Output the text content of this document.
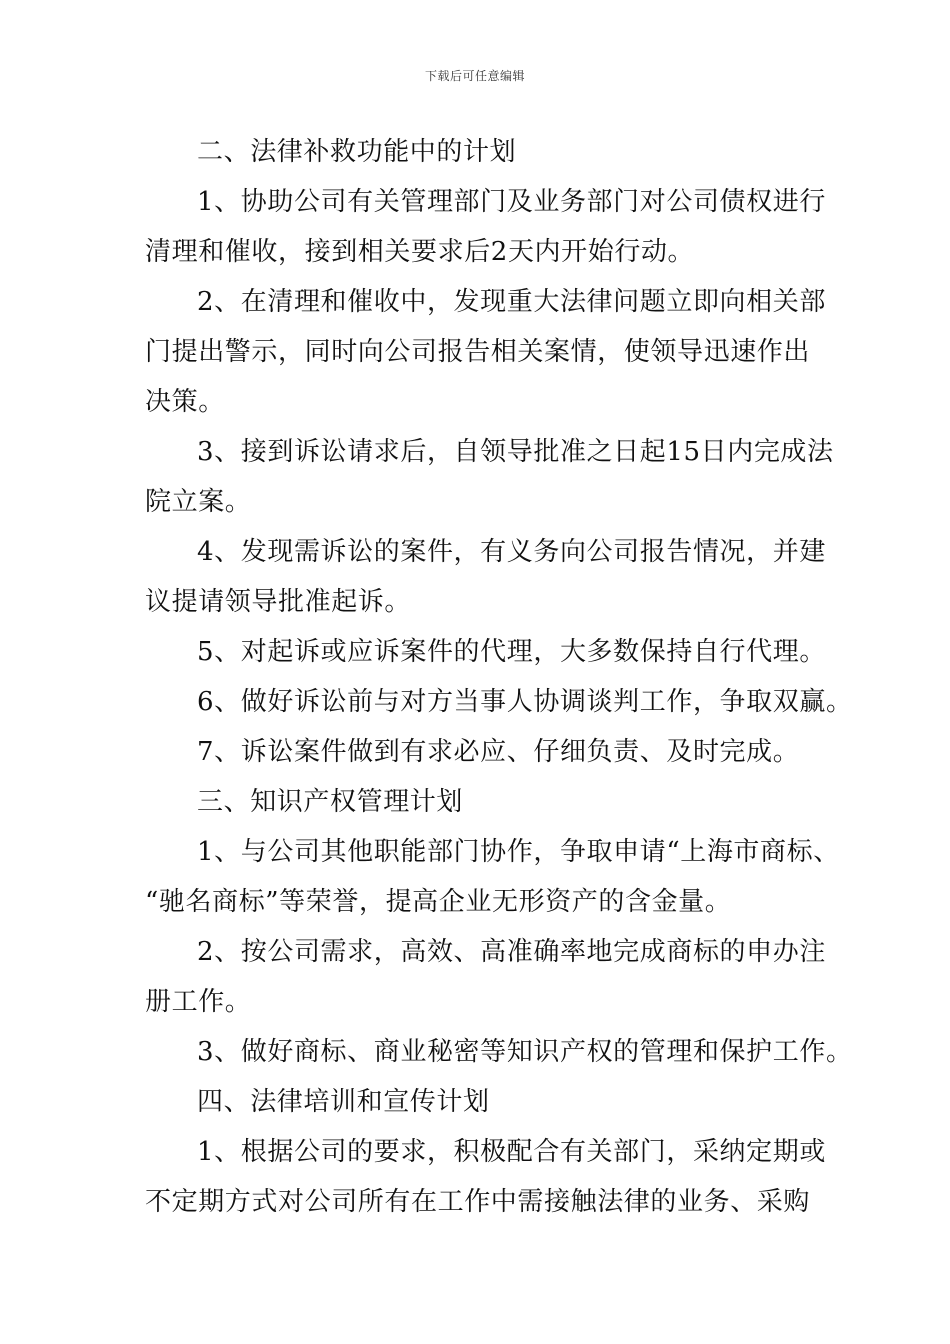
下载后可任意编辑
二、法律补救功能中的计划
1、协助公司有关管理部门及业务部门对公司债权进行
清理和催收，接到相关要求后2天内开始行动。
2、在清理和催收中，发现重大法律问题立即向相关部
门提出警示，同时向公司报告相关案情，使领导迅速作出
决策。
3、接到诉讼请求后，自领导批准之日起15日内完成法
院立案。
4、发现需诉讼的案件，有义务向公司报告情况，并建
议提请领导批准起诉。
5、对起诉或应诉案件的代理，大多数保持自行代理。
6、做好诉讼前与对方当事人协调谈判工作，争取双赢。
7、诉讼案件做到有求必应、仔细负责、及时完成。
三、知识产权管理计划
1、与公司其他职能部门协作，争取申请“上海市商标、
“驰名商标”等荣誉，提高企业无形资产的含金量。
2、按公司需求，高效、高准确率地完成商标的申办注
册工作。
3、做好商标、商业秘密等知识产权的管理和保护工作。
四、法律培训和宣传计划
1、根据公司的要求，积极配合有关部门，采纳定期或
不定期方式对公司所有在工作中需接触法律的业务、采购
